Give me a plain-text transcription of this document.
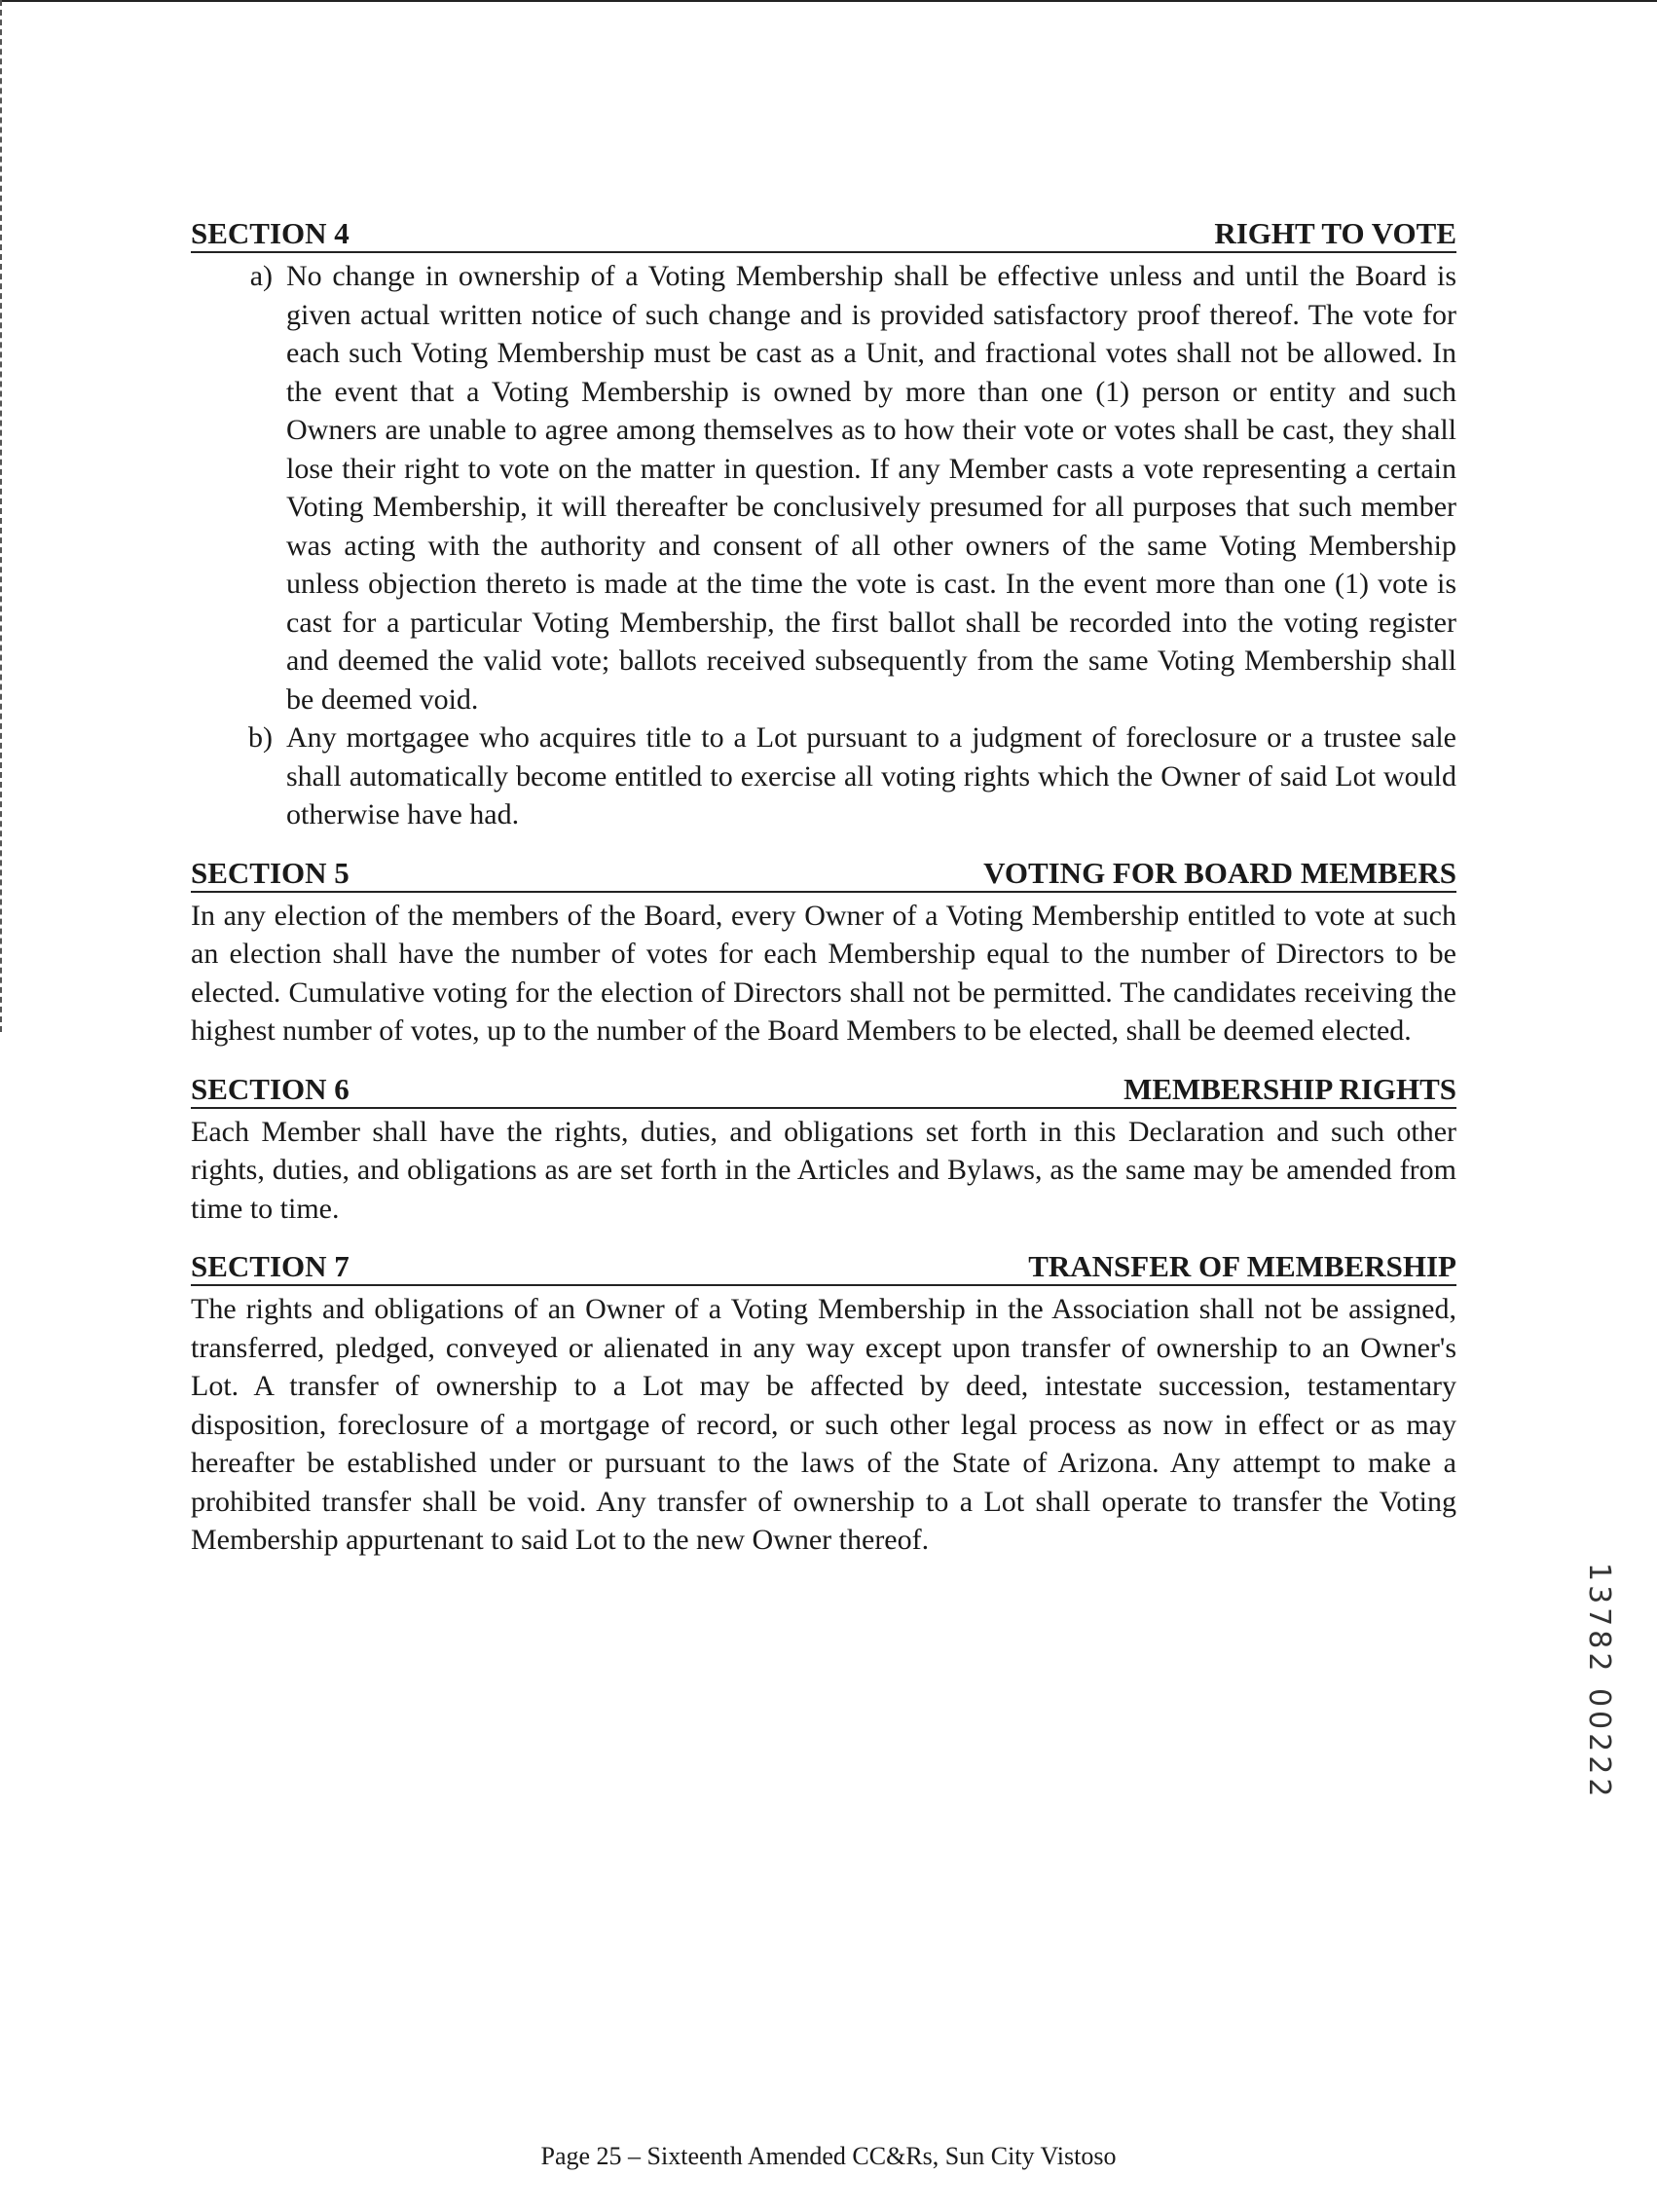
SECTION 4	RIGHT TO VOTE
a) No change in ownership of a Voting Membership shall be effective unless and until the Board is given actual written notice of such change and is provided satisfactory proof thereof. The vote for each such Voting Membership must be cast as a Unit, and fractional votes shall not be allowed. In the event that a Voting Membership is owned by more than one (1) person or entity and such Owners are unable to agree among themselves as to how their vote or votes shall be cast, they shall lose their right to vote on the matter in question. If any Member casts a vote representing a certain Voting Membership, it will thereafter be conclusively presumed for all purposes that such member was acting with the authority and consent of all other owners of the same Voting Membership unless objection thereto is made at the time the vote is cast. In the event more than one (1) vote is cast for a particular Voting Membership, the first ballot shall be recorded into the voting register and deemed the valid vote; ballots received subsequently from the same Voting Membership shall be deemed void.
b) Any mortgagee who acquires title to a Lot pursuant to a judgment of foreclosure or a trustee sale shall automatically become entitled to exercise all voting rights which the Owner of said Lot would otherwise have had.
SECTION 5	VOTING FOR BOARD MEMBERS

In any election of the members of the Board, every Owner of a Voting Membership entitled to vote at such an election shall have the number of votes for each Membership equal to the number of Directors to be elected. Cumulative voting for the election of Directors shall not be permitted. The candidates receiving the highest number of votes, up to the number of the Board Members to be elected, shall be deemed elected.

SECTION 6	MEMBERSHIP RIGHTS

Each Member shall have the rights, duties, and obligations set forth in this Declaration and such other rights, duties, and obligations as are set forth in the Articles and Bylaws, as the same may be amended from time to time.

SECTION 7	TRANSFER OF MEMBERSHIP

The rights and obligations of an Owner of a Voting Membership in the Association shall not be assigned, transferred, pledged, conveyed or alienated in any way except upon transfer of ownership to an Owner's Lot. A transfer of ownership to a Lot may be affected by deed, intestate succession, testamentary disposition, foreclosure of a mortgage of record, or such other legal process as now in effect or as may hereafter be established under or pursuant to the laws of the State of Arizona. Any attempt to make a prohibited transfer shall be void. Any transfer of ownership to a Lot shall operate to transfer the Voting Membership appurtenant to said Lot to the new Owner thereof.

13782 00222
Page 25 – Sixteenth Amended CC&Rs, Sun City Vistoso
